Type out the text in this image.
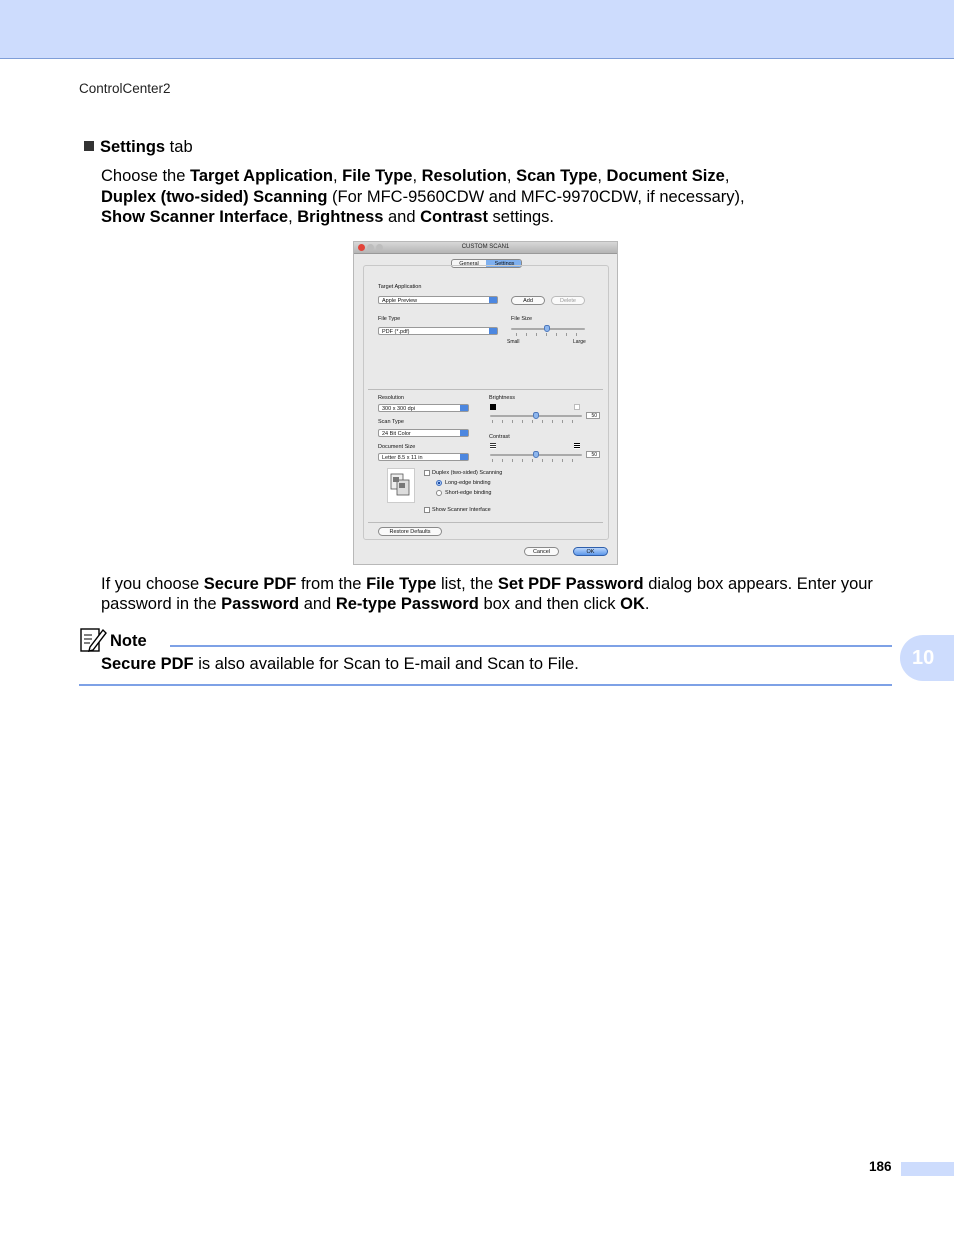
ControlCenter2
Settings tab
Choose the Target Application, File Type, Resolution, Scan Type, Document Size,
Duplex (two-sided) Scanning (For MFC-9560CDW and MFC-9970CDW, if necessary),
Show Scanner Interface, Brightness and Contrast settings.
CUSTOM SCAN1
General	Settings
Target Application
Apple Preview	Add	Delete
File Type
PDF (*.pdf)
File Size
Small	Large
Resolution
300 x 300 dpi
Scan Type
24 Bit Color
Document Size
Letter 8.5 x 11 in
Brightness
50
Contrast
50
Duplex (two-sided) Scanning
Long-edge binding
Short-edge binding
Show Scanner Interface
Restore Defaults
Cancel	OK
If you choose Secure PDF from the File Type list, the Set PDF Password dialog box appears. Enter your
password in the Password and Re-type Password box and then click OK.
Note
Secure PDF is also available for Scan to E-mail and Scan to File.	10
186
